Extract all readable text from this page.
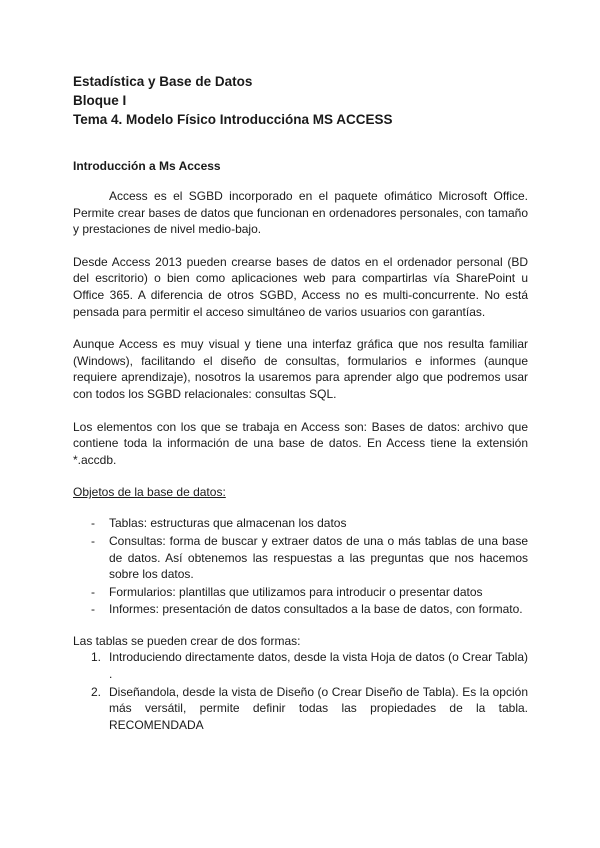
Estadística y Base de Datos
Bloque I
Tema 4. Modelo Físico Introduccióna MS ACCESS
Introducción a Ms Access

Access es el SGBD incorporado en el paquete ofimático Microsoft Office. Permite crear bases de datos que funcionan en ordenadores personales, con tamaño y prestaciones de nivel medio-bajo.

Desde Access 2013 pueden crearse bases de datos en el ordenador personal (BD del escritorio) o bien como aplicaciones web para compartirlas vía SharePoint u Office 365. A diferencia de otros SGBD, Access no es multi-concurrente. No está pensada para permitir el acceso simultáneo de varios usuarios con garantías.

Aunque Access es muy visual y tiene una interfaz gráfica que nos resulta familiar (Windows), facilitando el diseño de consultas, formularios e informes (aunque requiere aprendizaje), nosotros la usaremos para aprender algo que podremos usar con todos los SGBD relacionales: consultas SQL.

Los elementos con los que se trabaja en Access son: Bases de datos: archivo que contiene toda la información de una base de datos. En Access tiene la extensión *.accdb.

Objetos de la base de datos:
- Tablas: estructuras que almacenan los datos
- Consultas: forma de buscar y extraer datos de una o más tablas de una base de datos. Así obtenemos las respuestas a las preguntas que nos hacemos sobre los datos.
- Formularios: plantillas que utilizamos para introducir o presentar datos
- Informes: presentación de datos consultados a la base de datos, con formato.
Las tablas se pueden crear de dos formas:
1. Introduciendo directamente datos, desde la vista Hoja de datos (o Crear Tabla) .
2. Diseñandola, desde la vista de Diseño (o Crear Diseño de Tabla). Es la opción más versátil, permite definir todas las propiedades de la tabla. RECOMENDADA
